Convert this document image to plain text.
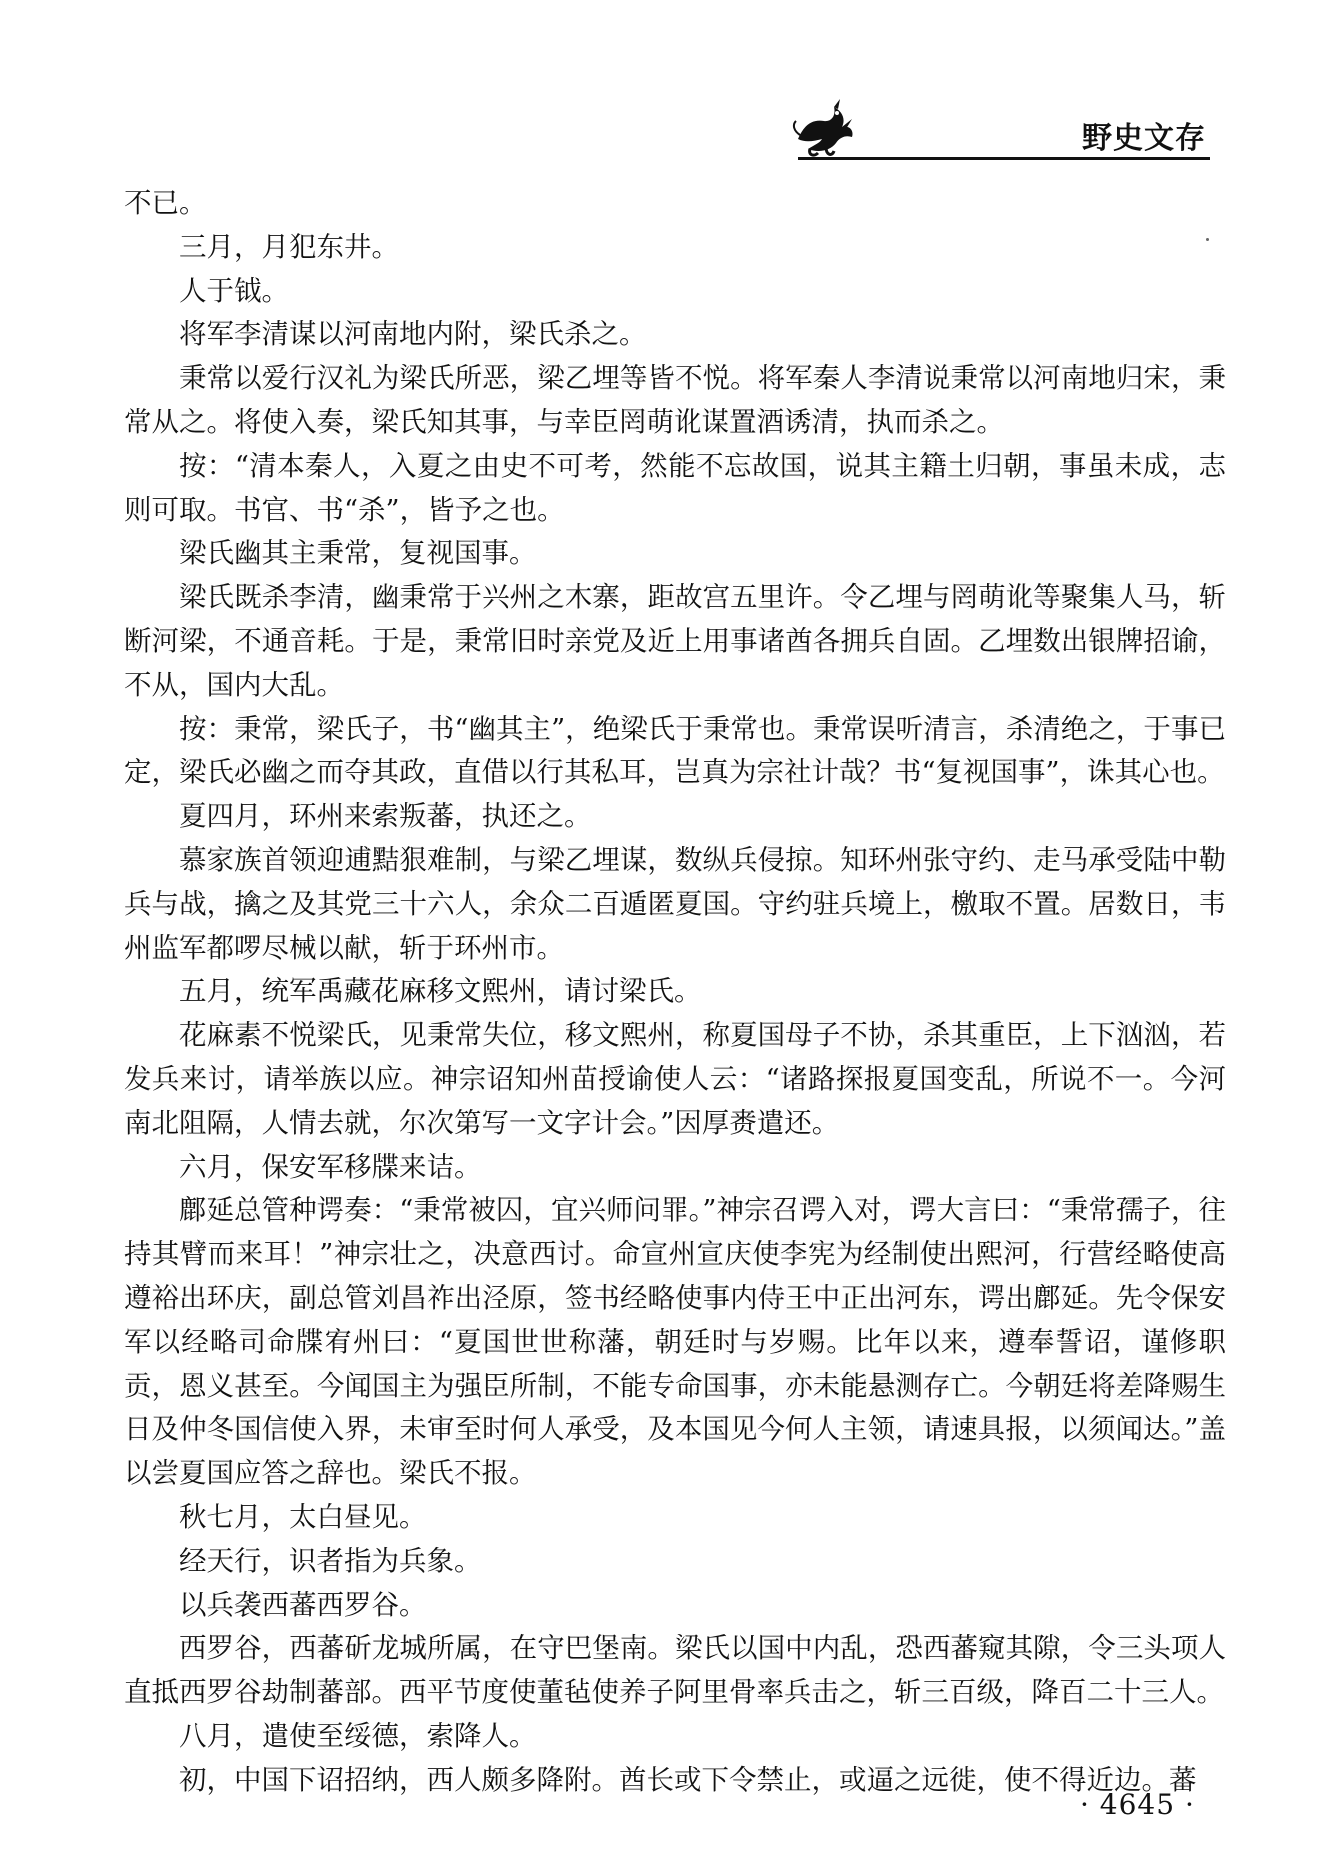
野史文存

不已。

三月，月犯东井。

人于钺。

将军李清谋以河南地内附，梁氏杀之。

秉常以爱行汉礼为梁氏所恶，梁乙埋等皆不悦。将军秦人李清说秉常以河南地归宋，秉常从之。将使入奏，梁氏知其事，与幸臣罔萌讹谋置酒诱清，执而杀之。

按：“清本秦人，入夏之由史不可考，然能不忘故国，说其主籍土归朝，事虽未成，志则可取。书官、书“杀”，皆予之也。

梁氏幽其主秉常，复视国事。

梁氏既杀李清，幽秉常于兴州之木寨，距故宫五里许。令乙埋与罔萌讹等聚集人马，斩断河梁，不通音耗。于是，秉常旧时亲党及近上用事诸酋各拥兵自固。乙埋数出银牌招谕，不从，国内大乱。

按：秉常，梁氏子，书“幽其主”，绝梁氏于秉常也。秉常误听清言，杀清绝之，于事已定，梁氏必幽之而夺其政，直借以行其私耳，岂真为宗社计哉？书“复视国事”，诛其心也。

夏四月，环州来索叛蕃，执还之。

慕家族首领迎逋黠狠难制，与梁乙埋谋，数纵兵侵掠。知环州张守约、走马承受陆中勒兵与战，擒之及其党三十六人，余众二百遁匿夏国。守约驻兵境上，檄取不置。居数日，韦州监军都啰尽械以献，斩于环州市。

五月，统军禹藏花麻移文熙州，请讨梁氏。

花麻素不悦梁氏，见秉常失位，移文熙州，称夏国母子不协，杀其重臣，上下汹汹，若发兵来讨，请举族以应。神宗诏知州苗授谕使人云：“诸路探报夏国变乱，所说不一。今河南北阻隔，人情去就，尔次第写一文字计会。”因厚赉遣还。

六月，保安军移牒来诘。

鄜延总管种谔奏：“秉常被囚，宜兴师问罪。”神宗召谔入对，谔大言曰：“秉常孺子，往持其臂而来耳！”神宗壮之，决意西讨。命宣州宣庆使李宪为经制使出熙河，行营经略使高遵裕出环庆，副总管刘昌祚出泾原，签书经略使事内侍王中正出河东，谔出鄜延。先令保安军以经略司命牒宥州曰：“夏国世世称藩，朝廷时与岁赐。比年以来，遵奉誓诏，谨修职贡，恩义甚至。今闻国主为强臣所制，不能专命国事，亦未能悬测存亡。今朝廷将差降赐生日及仲冬国信使入界，未审至时何人承受，及本国见今何人主领，请速具报，以须闻达。”盖以尝夏国应答之辞也。梁氏不报。

秋七月，太白昼见。

经天行，识者指为兵象。

以兵袭西蕃西罗谷。

西罗谷，西蕃斫龙城所属，在守巴堡南。梁氏以国中内乱，恐西蕃窥其隙，令三头项人直抵西罗谷劫制蕃部。西平节度使董毡使养子阿里骨率兵击之，斩三百级，降百二十三人。

八月，遣使至绥德，索降人。

初，中国下诏招纳，西人颇多降附。酋长或下令禁止，或逼之远徙，使不得近边。蕃

· 4645 ·
